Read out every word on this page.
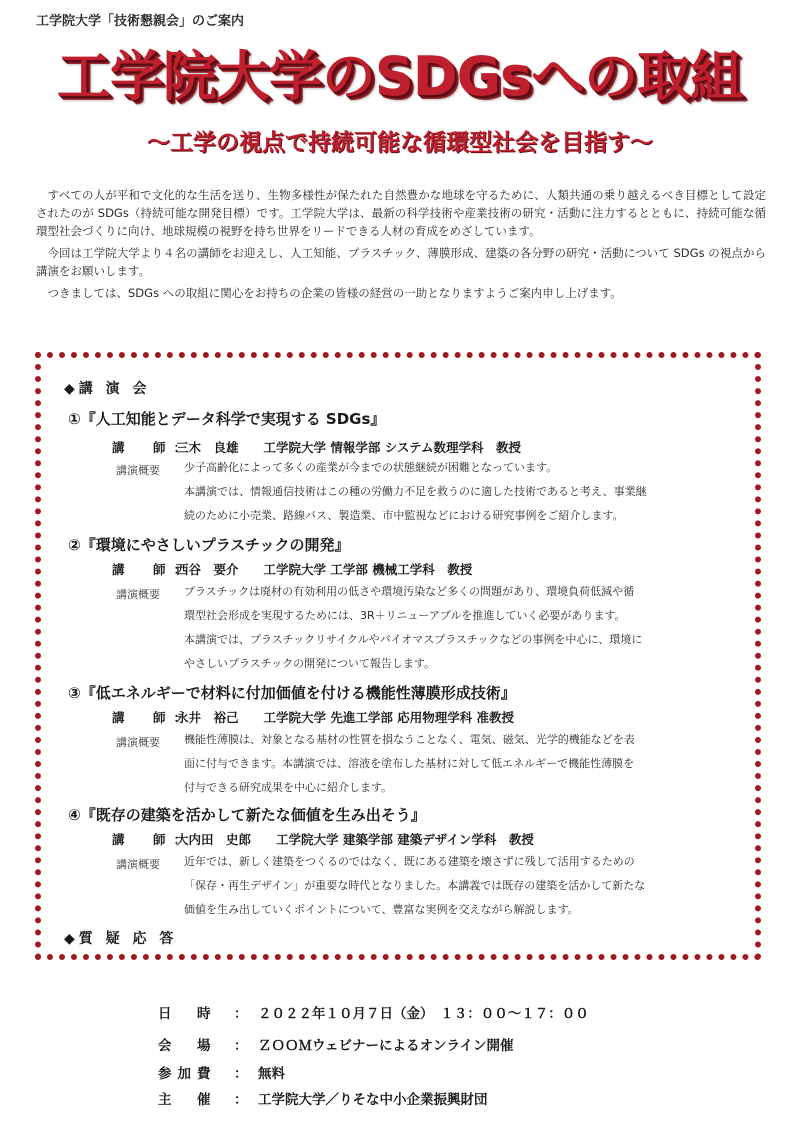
工学院大学「技術懇親会」のご案内
工学院大学のSDGsへの取組
～工学の視点で持続可能な循環型社会を目指す～

すべての人が平和で文化的な生活を送り、生物多様性が保たれた自然豊かな地球を守るために、人類共通の乗り越えるべき目標として設定されたのが SDGs（持続可能な開発目標）です。工学院大学は、最新の科学技術や産業技術の研究・活動に注力するとともに、持続可能な循環型社会づくりに向け、地球規模の視野を持ち世界をリードできる人材の育成をめざしています。

今回は工学院大学より４名の講師をお迎えし、人工知能、プラスチック、薄膜形成、建築の各分野の研究・活動について SDGs の視点から講演をお願いします。

つきましては、SDGs への取組に関心をお持ちの企業の皆様の経営の一助となりますようご案内申し上げます。

◆講 演 会
①『人工知能とデータ科学で実現する SDGs』
講　師：三木　良雄　　工学院大学 情報学部 システム数理学科　教授
講演概要 少子高齢化によって多くの産業が今までの状態継続が困難となっています。
本講演では、情報通信技術はこの種の労働力不足を救うのに適した技術であると考え、事業継
続のために小売業、路線バス、製造業、市中監視などにおける研究事例をご紹介します。
②『環境にやさしいプラスチックの開発』
講　師：西谷　要介　　工学院大学 工学部 機械工学科　教授
講演概要 プラスチックは廃材の有効利用の低さや環境汚染など多くの問題があり、環境負荷低減や循
環型社会形成を実現するためには、3R＋リニューアブルを推進していく必要があります。
本講演では、プラスチックリサイクルやバイオマスプラスチックなどの事例を中心に、環境に
やさしいプラスチックの開発について報告します。
③『低エネルギーで材料に付加価値を付ける機能性薄膜形成技術』
講　師：永井　裕己　　工学院大学 先進工学部 応用物理学科 准教授
講演概要 機能性薄膜は、対象となる基材の性質を損なうことなく、電気、磁気、光学的機能などを表
面に付与できます。本講演では、溶液を塗布した基材に対して低エネルギーで機能性薄膜を
付与できる研究成果を中心に紹介します。
④『既存の建築を活かして新たな価値を生み出そう』
講　師：大内田　史郎　　工学院大学 建築学部 建築デザイン学科　教授
講演概要 近年では、新しく建築をつくるのではなく、既にある建築を壊さずに残して活用するための
「保存・再生デザイン」が重要な時代となりました。本講義では既存の建築を活かして新たな
価値を生み出していくポイントについて、豊富な実例を交えながら解説します。
◆質 疑 応 答
日　時 ： ２０２２年１０月７日（金）　１３：００～１７：００
会　場 ： ＺＯＯＭウェビナーによるオンライン開催
参加費 ： 無料
主　催 ： 工学院大学／りそな中小企業振興財団
